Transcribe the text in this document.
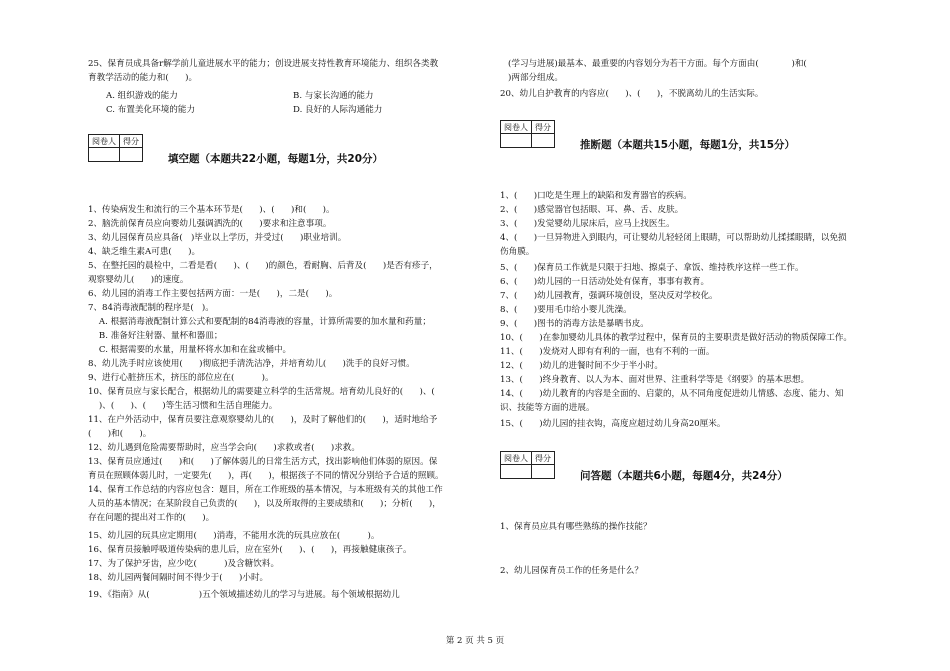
25、保育员成具备r解学前儿童进展水平的能力；创设进展支持性教育环境能力、组织各类教
育教学活动的能力和(      )。
A. 组织游戏的能力	B. 与家长沟通的能力
C. 布置美化环境的能力	D. 良好的人际沟通能力
阅卷人	得分	

填空题（本题共22小题，每题1分，共20分）
1、传染病发生和流行的三个基本环节是(      )、(      )和(      )。
2、脑洗前保育员应向婴幼儿强调洒洗的(      )要求和注意事项。
3、幼儿园保育员应具备(   )毕业以上学历，并受过(      )职业培训。
4、缺乏维生素A可患(      )。
5、在整托园的晨检中，二看是看(      )、(      )的颜色，看耐胸、后背及(      )是否有疹子，
观察婴幼儿(      )的速度。
6、幼儿园的消毒工作主要包括两方面：一是(      )，二是(      )。
7、84消毒液配制的程序是(   )。
A. 根据消毒液配制计算公式和要配制的84消毒液的容量，计算所需要的加水量和药量；
B. 准备好注射器、量杯和器皿；
C. 根据需要的水量，用量杯将水加和在盆或桶中。
8、幼儿洗手时应该使用(      )彻底把手清洗洁净，并培育幼儿(      )洗手的良好习惯。
9、进行心脏挤压术，挤压的部位应在(          )。
10、保育员应与家长配合，根据幼儿的需要建立科学的生活常规。培育幼儿良好的(      )、(
)、(      )、(      )等生活习惯和生活自理能力。
11、在户外活动中，保育员要注意观察婴幼儿的(      )，及时了解他们的(      )，适时地给予
(      )和(      )。
12、幼儿遇到危险需要帮助时，应当学会向(      )求救或者(      )求救。
13、保育员应通过(      )和(      )了解体弱儿的日常生活方式，找出影响他们体弱的原因。保
育员在照顾体弱儿时，一定要先(      )，再(      )，根据孩子不同的情况分别给予合适的照顾。
14、保育工作总结的内容应包含：题目，所在工作班级的基本情况，与本班级有关的其他工作
人员的基本情况；在某阶段自己负责的(      )，以及所取得的主要成绩和(      )；分析(      )，
存在问题的提出对工作的(      )。
15、幼儿园的玩具应定期用(      )消毒，不能用水洗的玩具应放在(          )。
16、保育员接触呼吸道传染病的患儿后，应在室外(      )、(      )，再接触健康孩子。
17、为了保护牙齿，应少吃(          )及含糖饮料。
18、幼儿园两餐间隔时间不得少于(      )小时。
19、《指南》从(                  )五个领域描述幼儿的学习与进展。每个领域根据幼儿
(学习与进展)最基本、最重要的内容划分为若干方面。每个方面由(            )和(
)两部分组成。
20、幼儿自护教育的内容应(      )、(      )，不脱离幼儿的生活实际。
阅卷人	得分	

推断题（本题共15小题，每题1分，共15分）
1、(      )口吃是生理上的缺陷和发育器官的疾病。
2、(      )感觉器官包括眼、耳、鼻、舌、皮肤。
3、(      )发觉婴幼儿尿床后，应马上找医生。
4、(      )一旦异物进入到眼内，可让婴幼儿轻轻闭上眼睛，可以帮助幼儿揉揉眼睛，以免损
伤角膜。
5、(      )保育员工作就是只限于扫地、擦桌子、拿饭、维持秩序这样一些工作。
6、(      )幼儿园的一日活动处处有保育，事事有教育。
7、(      )幼儿园教育，强调环境创设，坚决反对学校化。
8、(      )要用毛巾给小婴儿洗澡。
9、(      )图书的消毒方法是暴晒书皮。
10、(      )在参加婴幼儿具体的教学过程中，保育员的主要职责是做好活动的物质保障工作。
11、(      )发烧对人即有有利的一面，也有不利的一面。
12、(      )幼儿的进餐时间不少于半小时。
13、(      )终身教育、以人为本、面对世界、注重科学等是《纲要》的基本思想。
14、(      )幼儿教育的内容是全面的、启蒙的，从不同角度促进幼儿情感、态度、能力、知
识、技能等方面的进展。
15、(      )幼儿园的挂衣钩，高度应超过幼儿身高20厘米。
阅卷人	得分	

问答题（本题共6小题，每题4分，共24分）
1、保育员应具有哪些熟练的操作技能？
2、幼儿园保育员工作的任务是什么？
第 2 页 共 5 页
